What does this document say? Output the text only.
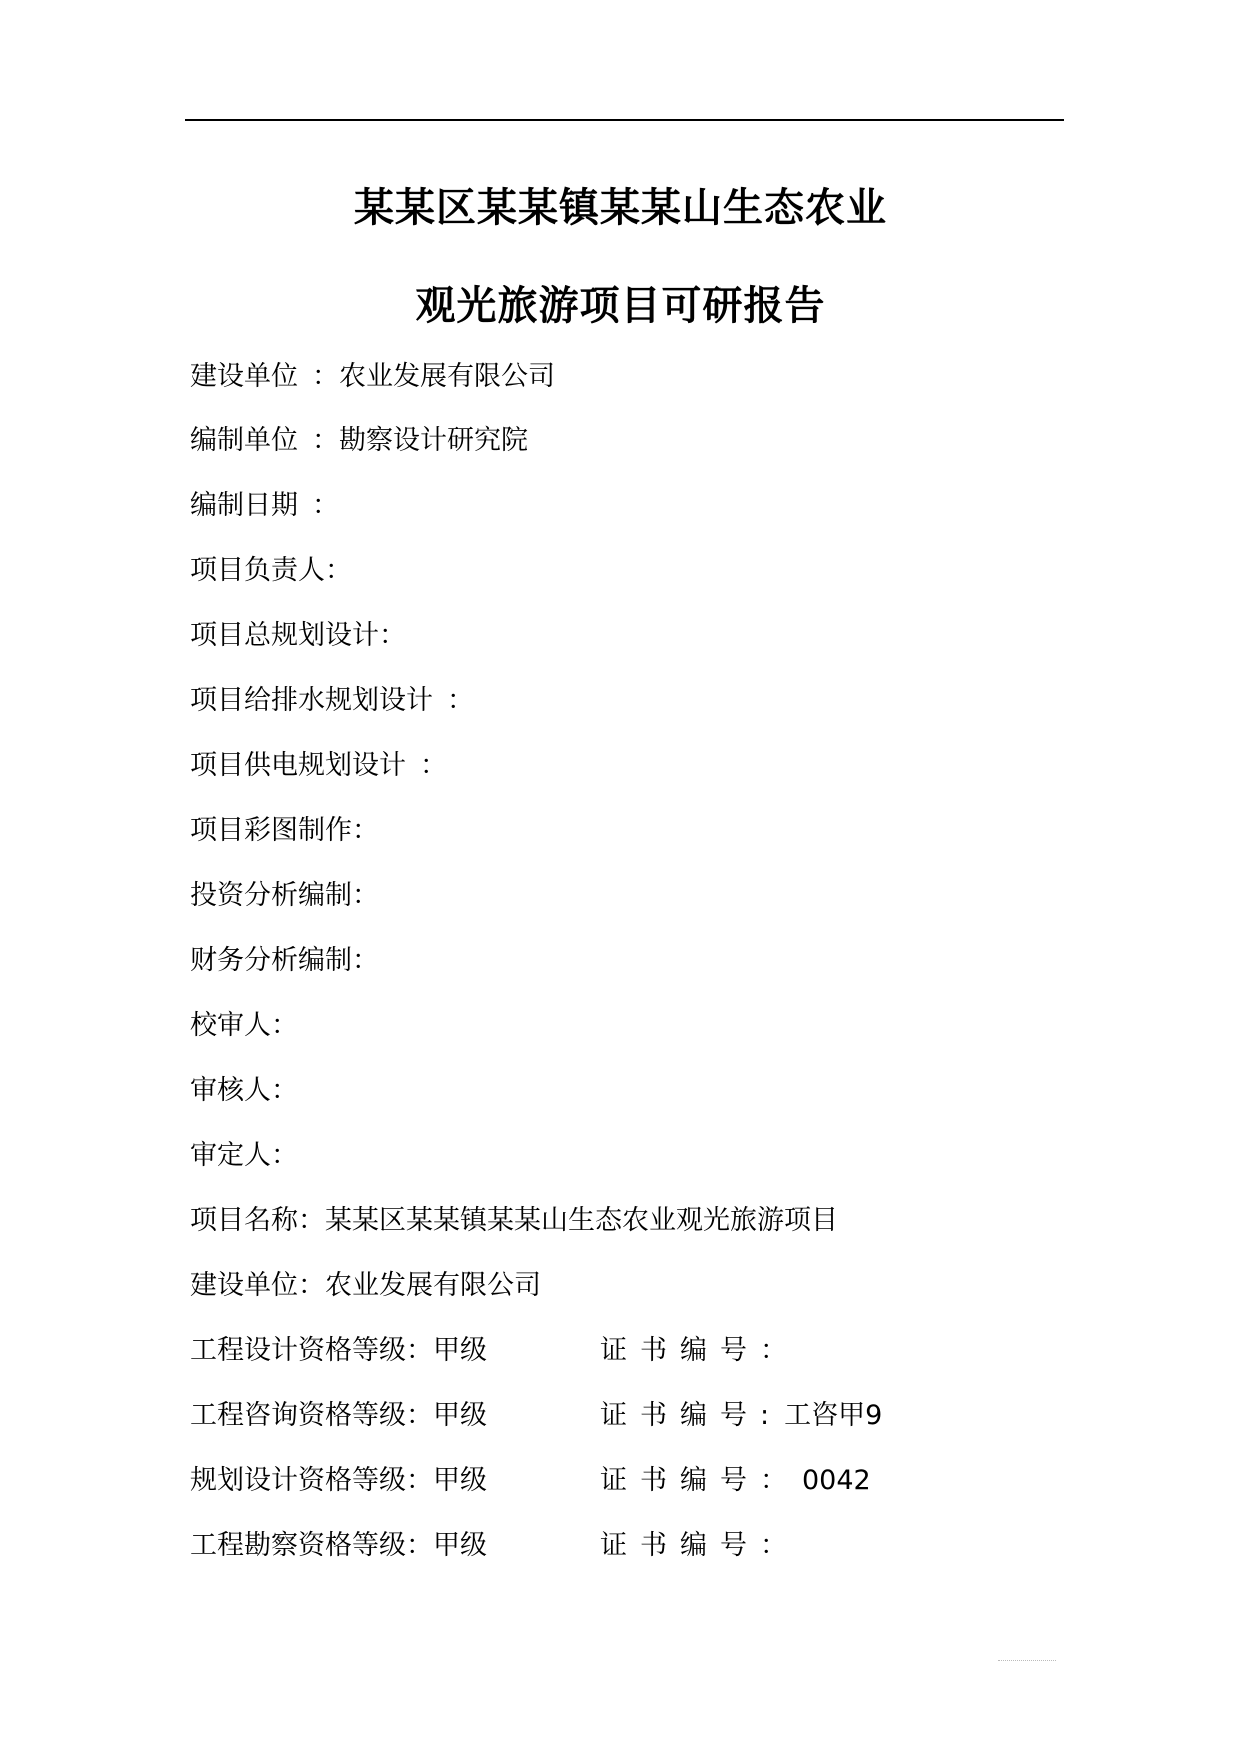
某某区某某镇某某山生态农业
观光旅游项目可研报告
建设单位 ：农业发展有限公司
编制单位 ：勘察设计研究院
编制日期 ：
项目负责人：
项目总规划设计：
项目给排水规划设计 ：
项目供电规划设计 ：
项目彩图制作：
投资分析编制：
财务分析编制：
校审人：
审核人：
审定人：
项目名称：某某区某某镇某某山生态农业观光旅游项目
建设单位：农业发展有限公司
工程设计资格等级：甲级	证书编号：
工程咨询资格等级：甲级	证书编号:工咨甲9
规划设计资格等级：甲级	证书编号：0042
工程勘察资格等级：甲级	证书编号：
